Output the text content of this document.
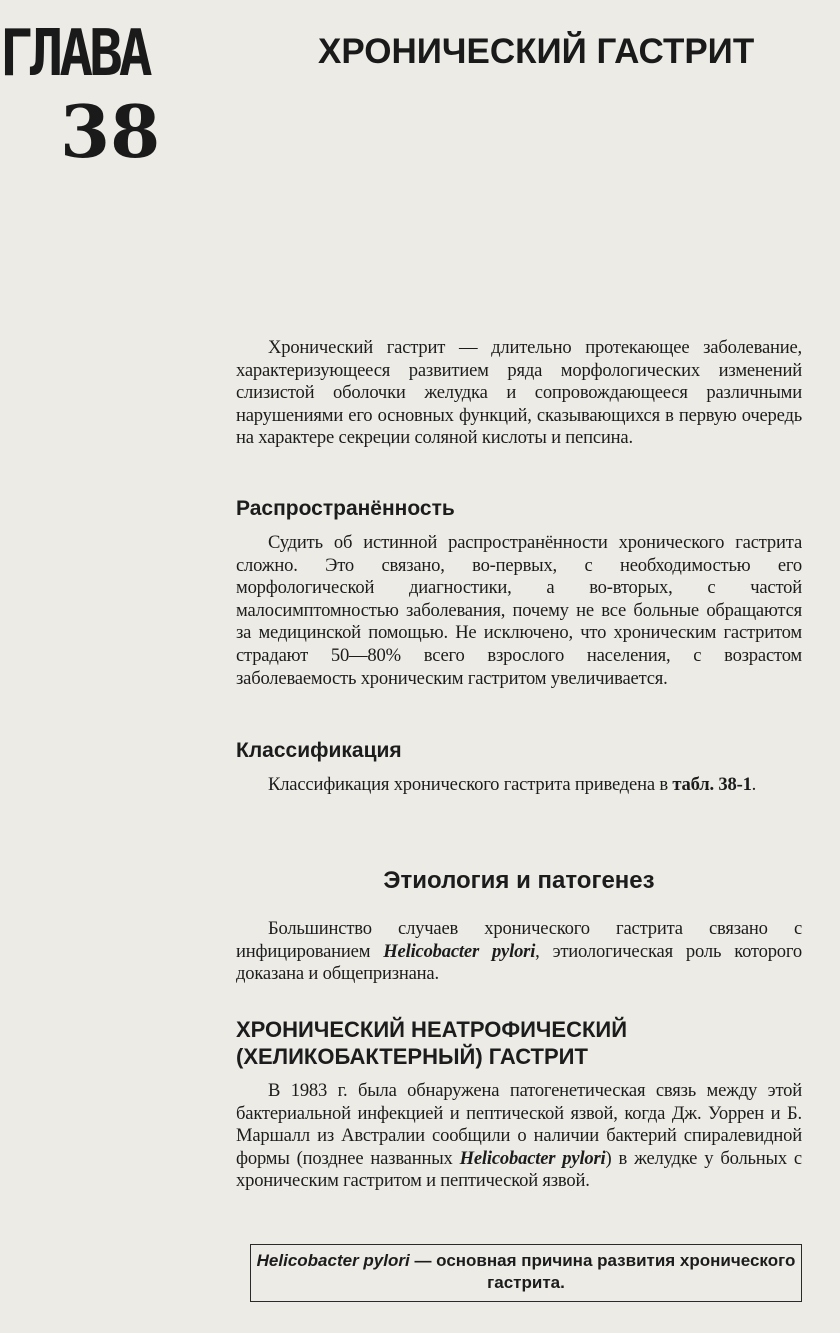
ГЛАВА
38
ХРОНИЧЕСКИЙ ГАСТРИТ

Хронический гастрит — длительно протекающее заболевание, характеризующееся развитием ряда морфологических изменений слизистой оболочки желудка и сопровождающееся различными нарушениями его основных функций, сказывающихся в первую очередь на характере секреции соляной кислоты и пепсина.

Распространённость

Судить об истинной распространённости хронического гастрита сложно. Это связано, во-первых, с необходимостью его морфологической диагностики, а во-вторых, с частой малосимптомностью заболевания, почему не все больные обращаются за медицинской помощью. Не исключено, что хроническим гастритом страдают 50—80% всего взрослого населения, с возрастом заболеваемость хроническим гастритом увеличивается.

Классификация

Классификация хронического гастрита приведена в табл. 38-1.

Этиология и патогенез

Большинство случаев хронического гастрита связано с инфицированием Helicobacter pylori, этиологическая роль которого доказана и общепризнана.

ХРОНИЧЕСКИЙ НЕАТРОФИЧЕСКИЙ
(ХЕЛИКОБАКТЕРНЫЙ) ГАСТРИТ

В 1983 г. была обнаружена патогенетическая связь между этой бактериальной инфекцией и пептической язвой, когда Дж. Уоррен и Б. Маршалл из Австралии сообщили о наличии бактерий спиралевидной формы (позднее названных Helicobacter pylori) в желудке у больных с хроническим гастритом и пептической язвой.

Helicobacter pylori — основная причина развития хронического гастрита.
